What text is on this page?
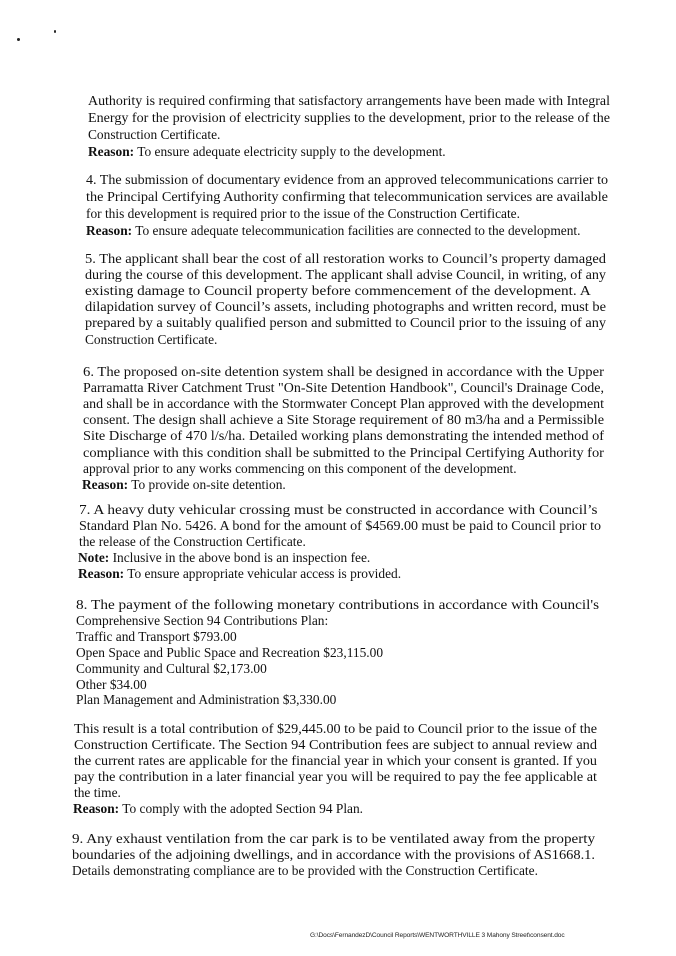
Authority is required confirming that satisfactory arrangements have been made with Integral
Energy for the provision of electricity supplies to the development, prior to the release of the
Construction Certificate.
Reason: To ensure adequate electricity supply to the development.
4. The submission of documentary evidence from an approved telecommunications carrier to
the Principal Certifying Authority confirming that telecommunication services are available
for this development is required prior to the issue of the Construction Certificate.
Reason: To ensure adequate telecommunication facilities are connected to the development.
5. The applicant shall bear the cost of all restoration works to Council’s property damaged
during the course of this development. The applicant shall advise Council, in writing, of any
existing damage to Council property before commencement of the development. A
dilapidation survey of Council’s assets, including photographs and written record, must be
prepared by a suitably qualified person and submitted to Council prior to the issuing of any
Construction Certificate.
6. The proposed on-site detention system shall be designed in accordance with the Upper
Parramatta River Catchment Trust "On-Site Detention Handbook", Council's Drainage Code,
and shall be in accordance with the Stormwater Concept Plan approved with the development
consent. The design shall achieve a Site Storage requirement of 80 m3/ha and a Permissible
Site Discharge of 470 l/s/ha. Detailed working plans demonstrating the intended method of
compliance with this condition shall be submitted to the Principal Certifying Authority for
approval prior to any works commencing on this component of the development.
Reason: To provide on-site detention.
7. A heavy duty vehicular crossing must be constructed in accordance with Council’s
Standard Plan No. 5426. A bond for the amount of $4569.00 must be paid to Council prior to
the release of the Construction Certificate.
Note: Inclusive in the above bond is an inspection fee.
Reason: To ensure appropriate vehicular access is provided.
8. The payment of the following monetary contributions in accordance with Council's
Comprehensive Section 94 Contributions Plan:
Traffic and Transport $793.00
Open Space and Public Space and Recreation $23,115.00
Community and Cultural $2,173.00
Other $34.00
Plan Management and Administration $3,330.00
This result is a total contribution of $29,445.00 to be paid to Council prior to the issue of the
Construction Certificate. The Section 94 Contribution fees are subject to annual review and
the current rates are applicable for the financial year in which your consent is granted. If you
pay the contribution in a later financial year you will be required to pay the fee applicable at
the time.
Reason: To comply with the adopted Section 94 Plan.
9. Any exhaust ventilation from the car park is to be ventilated away from the property
boundaries of the adjoining dwellings, and in accordance with the provisions of AS1668.1.
Details demonstrating compliance are to be provided with the Construction Certificate.
G:\Docs\FernandezD\Council Reports\WENTWORTHVILLE 3 Mahony Street\consent.doc
